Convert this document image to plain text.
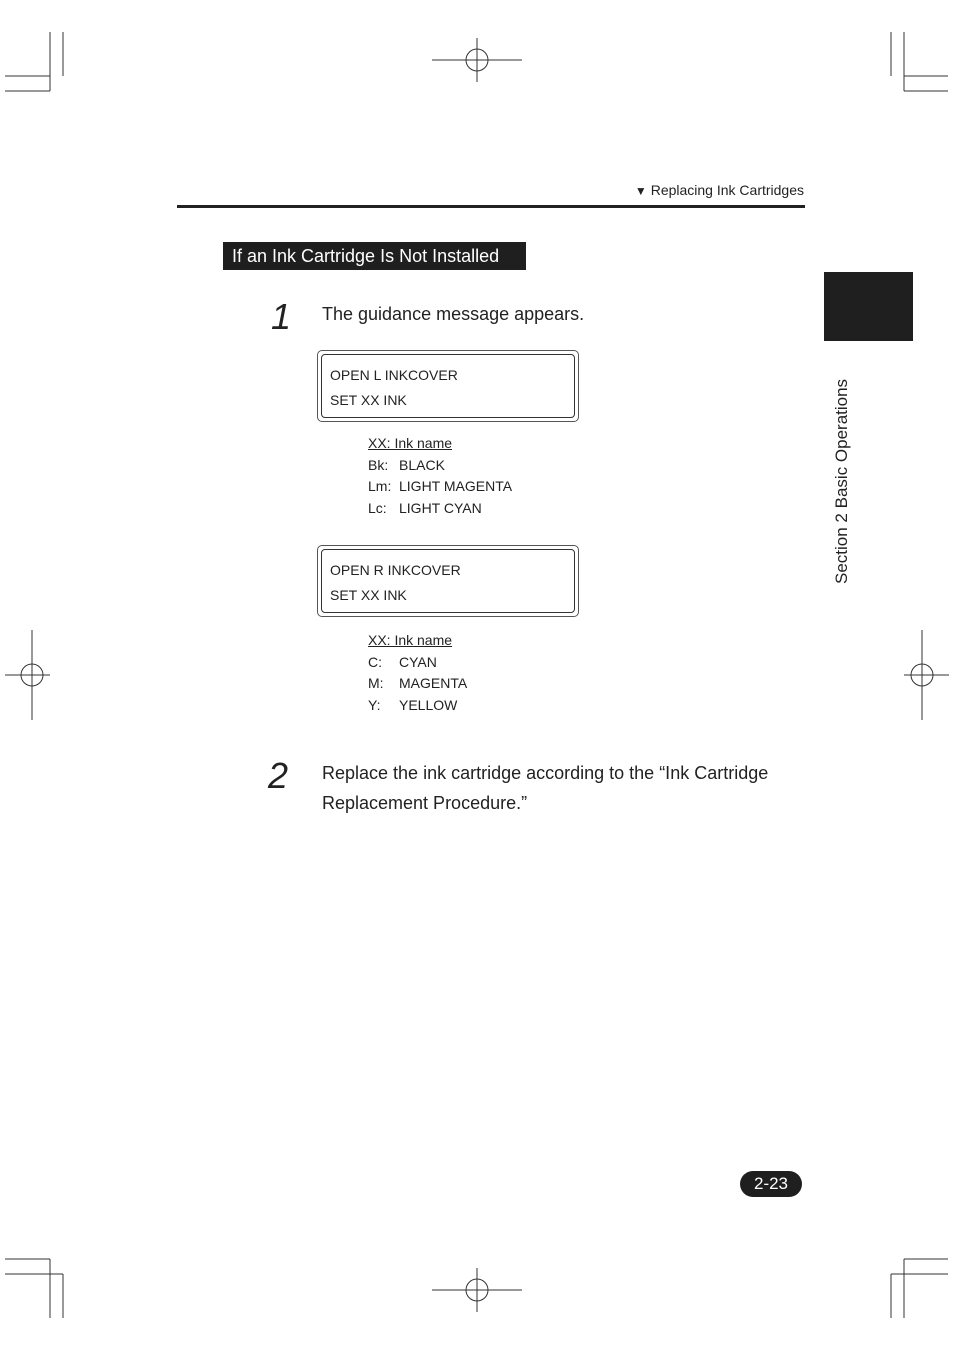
▼ Replacing Ink Cartridges
If an Ink Cartridge Is Not Installed
1 The guidance message appears.
OPEN L INKCOVER
SET XX INK
XX: Ink name
Bk: BLACK
Lm: LIGHT MAGENTA
Lc: LIGHT CYAN
OPEN R INKCOVER
SET XX INK
XX: Ink name
C: CYAN
M: MAGENTA
Y: YELLOW
2 Replace the ink cartridge according to the “Ink Cartridge Replacement Procedure.”
Section 2 Basic Operations
2-23
